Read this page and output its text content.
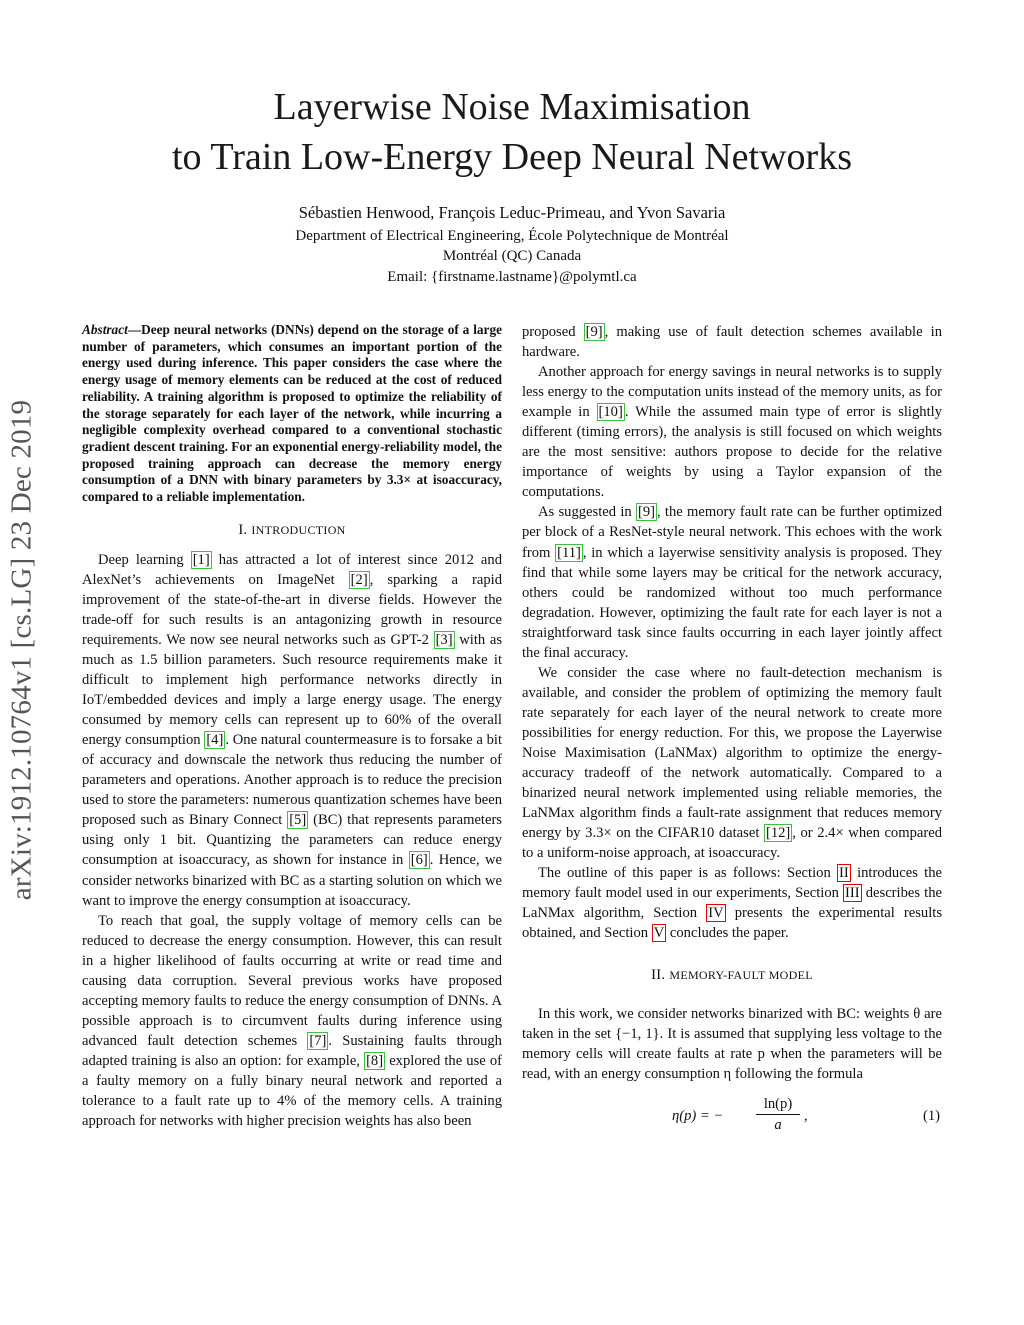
Layerwise Noise Maximisation
to Train Low-Energy Deep Neural Networks
Sébastien Henwood, François Leduc-Primeau, and Yvon Savaria
Department of Electrical Engineering, École Polytechnique de Montréal
Montréal (QC) Canada
Email: {firstname.lastname}@polymtl.ca
arXiv:1912.10764v1 [cs.LG] 23 Dec 2019
Abstract—Deep neural networks (DNNs) depend on the storage of a large number of parameters, which consumes an important portion of the energy used during inference. This paper considers the case where the energy usage of memory elements can be reduced at the cost of reduced reliability. A training algorithm is proposed to optimize the reliability of the storage separately for each layer of the network, while incurring a negligible complexity overhead compared to a conventional stochastic gradient descent training. For an exponential energy-reliability model, the proposed training approach can decrease the memory energy consumption of a DNN with binary parameters by 3.3× at isoaccuracy, compared to a reliable implementation.
I. INTRODUCTION

Deep learning [1] has attracted a lot of interest since 2012 and AlexNet’s achievements on ImageNet [2] , sparking a rapid improvement of the state-of-the-art in diverse fields. However the trade-off for such results is an antagonizing growth in resource requirements. We now see neural networks such as GPT-2 [3] with as much as 1.5 billion parameters. Such resource requirements make it difficult to implement high performance networks directly in IoT/embedded devices and imply a large energy usage. The energy consumed by memory cells can represent up to 60% of the overall energy consumption [4] . One natural countermeasure is to forsake a bit of accuracy and downscale the network thus reducing the number of parameters and operations. Another approach is to reduce the precision used to store the parameters: numerous quantization schemes have been proposed such as Binary Connect [5] (BC) that represents parameters using only 1 bit. Quantizing the parameters can reduce energy consumption at isoaccuracy, as shown for instance in [6] . Hence, we consider networks binarized with BC as a starting solution on which we want to improve the energy consumption at isoaccuracy.

To reach that goal, the supply voltage of memory cells can be reduced to decrease the energy consumption. However, this can result in a higher likelihood of faults occurring at write or read time and causing data corruption. Several previous works have proposed accepting memory faults to reduce the energy consumption of DNNs. A possible approach is to circumvent faults during inference using advanced fault detection schemes [7] . Sustaining faults through adapted training is also an option: for example, [8] explored the use of a faulty memory on a fully binary neural network and reported a tolerance to a fault rate up to 4% of the memory cells. A training approach for networks with higher precision weights has also been

proposed [9] , making use of fault detection schemes available in hardware.

Another approach for energy savings in neural networks is to supply less energy to the computation units instead of the memory units, as for example in [10] . While the assumed main type of error is slightly different (timing errors), the analysis is still focused on which weights are the most sensitive: authors propose to decide for the relative importance of weights by using a Taylor expansion of the computations.

As suggested in [9] , the memory fault rate can be further optimized per block of a ResNet-style neural network. This echoes with the work from [11] , in which a layerwise sensitivity analysis is proposed. They find that while some layers may be critical for the network accuracy, others could be randomized without too much performance degradation. However, optimizing the fault rate for each layer is not a straightforward task since faults occurring in each layer jointly affect the final accuracy.

We consider the case where no fault-detection mechanism is available, and consider the problem of optimizing the memory fault rate separately for each layer of the neural network to create more possibilities for energy reduction. For this, we propose the Layerwise Noise Maximisation (LaNMax) algorithm to optimize the energy-accuracy tradeoff of the network automatically. Compared to a binarized neural network implemented using reliable memories, the LaNMax algorithm finds a fault-rate assignment that reduces memory energy by 3.3× on the CIFAR10 dataset [12] , or 2.4× when compared to a uniform-noise approach, at isoaccuracy.

The outline of this paper is as follows: Section II introduces the memory fault model used in our experiments, Section III describes the LaNMax algorithm, Section IV presents the experimental results obtained, and Section V concludes the paper.

II. MEMORY-FAULT MODEL

In this work, we consider networks binarized with BC: weights θ are taken in the set {−1, 1}. It is assumed that supplying less voltage to the memory cells will create faults at rate p when the parameters will be read, with an energy consumption η following the formula

η(p) = − $\frac{\ln(p)}{a}$ ,	(1)
